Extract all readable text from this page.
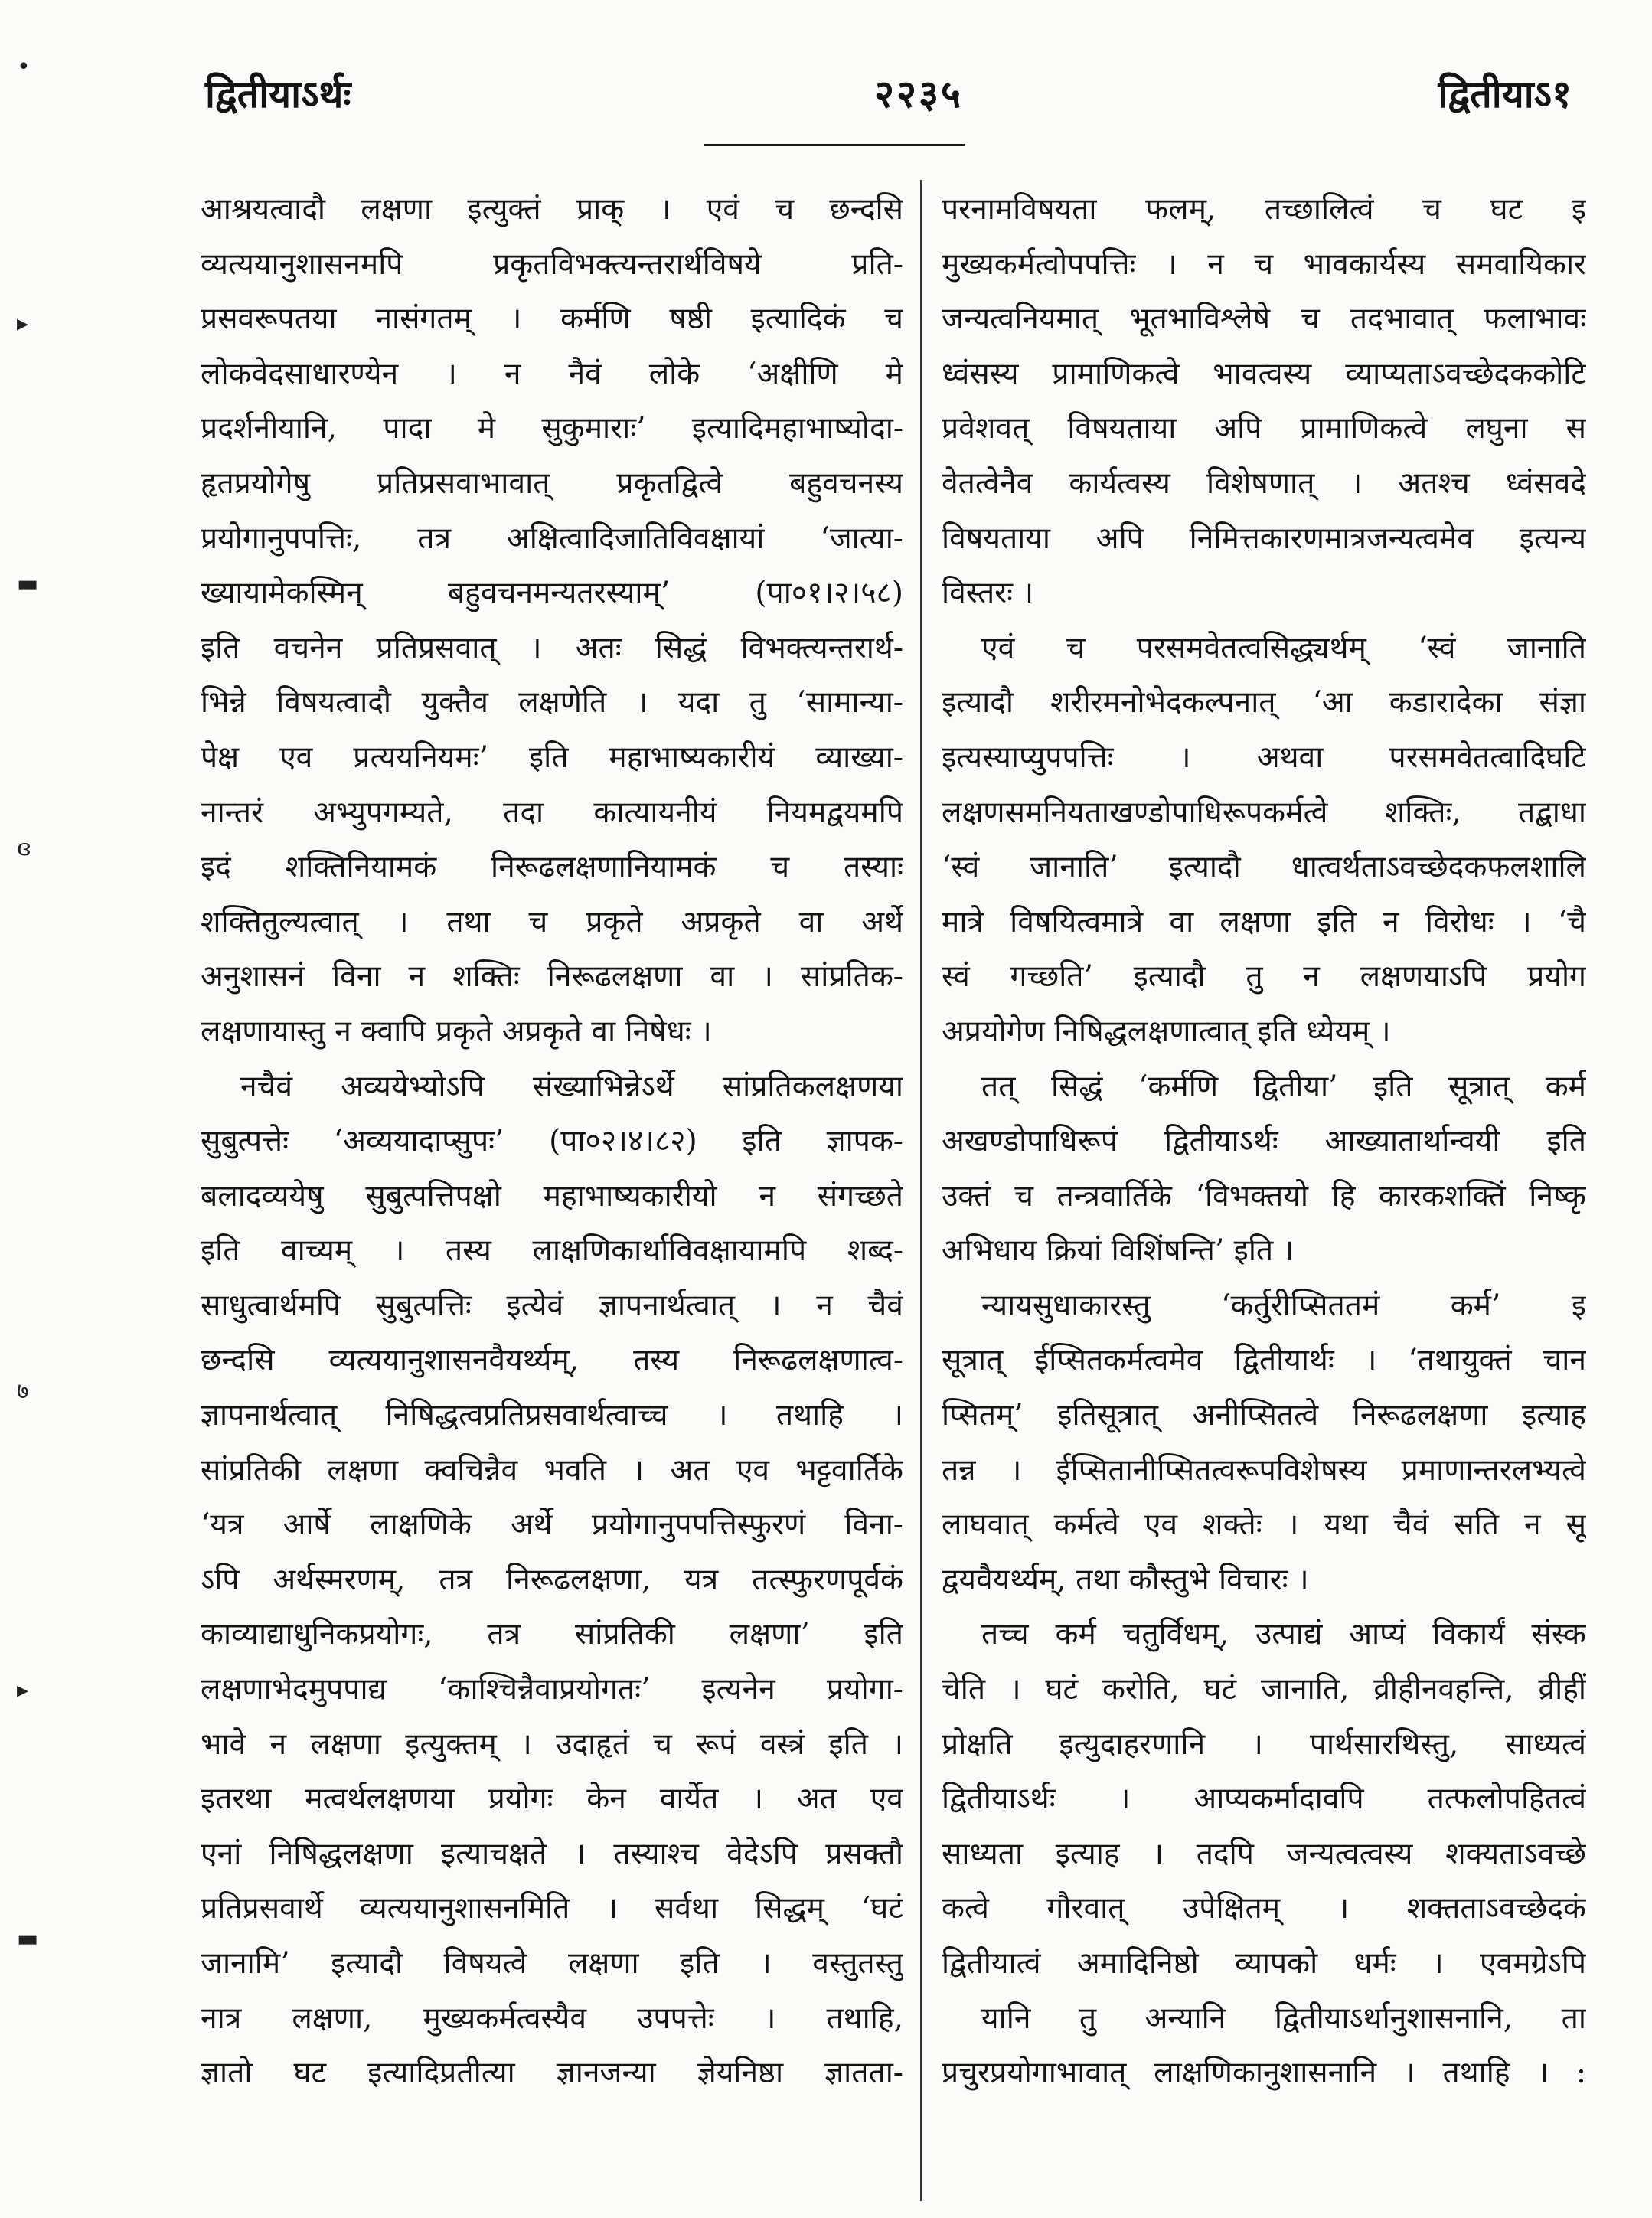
द्वितीयाऽर्थः	२२३५	द्वितीयाऽ१
•
▸
▬
ɞ
७
▸
▬
आश्रयत्वादौ लक्षणा इत्युक्तं प्राक् । एवं च छन्दसि
व्यत्ययानुशासनमपि प्रकृतविभक्त्यन्तरार्थविषये प्रति-
प्रसवरूपतया नासंगतम् । कर्मणि षष्ठी इत्यादिकं च
लोकवेदसाधारण्येन । न नैवं लोके ‘अक्षीणि मे
प्रदर्शनीयानि, पादा मे सुकुमाराः’ इत्यादिमहाभाष्योदा-
हृतप्रयोगेषु प्रतिप्रसवाभावात् प्रकृतद्वित्वे बहुवचनस्य
प्रयोगानुपपत्तिः, तत्र अक्षित्वादिजातिविवक्षायां ‘जात्या-
ख्यायामेकस्मिन् बहुवचनमन्यतरस्याम्’ (पा०१।२।५८)
इति वचनेन प्रतिप्रसवात् । अतः सिद्धं विभक्त्यन्तरार्थ-
भिन्ने विषयत्वादौ युक्तैव लक्षणेति । यदा तु ‘सामान्या-
पेक्ष एव प्रत्ययनियमः’ इति महाभाष्यकारीयं व्याख्या-
नान्तरं अभ्युपगम्यते, तदा कात्यायनीयं नियमद्वयमपि
इदं शक्तिनियामकं निरूढलक्षणानियामकं च तस्याः
शक्तितुल्यत्वात् । तथा च प्रकृते अप्रकृते वा अर्थे
अनुशासनं विना न शक्तिः निरूढलक्षणा वा । सांप्रतिक-
लक्षणायास्तु न क्वापि प्रकृते अप्रकृते वा निषेधः ।
नचैवं अव्ययेभ्योऽपि संख्याभिन्नेऽर्थे सांप्रतिकलक्षणया
सुबुत्पत्तेः ‘अव्ययादाप्सुपः’ (पा०२।४।८२) इति ज्ञापक-
बलादव्ययेषु सुबुत्पत्तिपक्षो महाभाष्यकारीयो न संगच्छते
इति वाच्यम् । तस्य लाक्षणिकार्थाविवक्षायामपि शब्द-
साधुत्वार्थमपि सुबुत्पत्तिः इत्येवं ज्ञापनार्थत्वात् । न चैवं
छन्दसि व्यत्ययानुशासनवैयर्थ्यम्, तस्य निरूढलक्षणात्व-
ज्ञापनार्थत्वात् निषिद्धत्वप्रतिप्रसवार्थत्वाच्च । तथाहि ।
सांप्रतिकी लक्षणा क्वचिन्नैव भवति । अत एव भट्टवार्तिके
‘यत्र आर्षे लाक्षणिके अर्थे प्रयोगानुपपत्तिस्फुरणं विना-
ऽपि अर्थस्मरणम्, तत्र निरूढलक्षणा, यत्र तत्स्फुरणपूर्वकं
काव्याद्याधुनिकप्रयोगः, तत्र सांप्रतिकी लक्षणा’ इति
लक्षणाभेदमुपपाद्य ‘काश्चिन्नैवाप्रयोगतः’ इत्यनेन प्रयोगा-
भावे न लक्षणा इत्युक्तम् । उदाहृतं च रूपं वस्त्रं इति ।
इतरथा मत्वर्थलक्षणया प्रयोगः केन वार्येत । अत एव
एनां निषिद्धलक्षणा इत्याचक्षते । तस्याश्च वेदेऽपि प्रसक्तौ
प्रतिप्रसवार्थे व्यत्ययानुशासनमिति । सर्वथा सिद्धम् ‘घटं
जानामि’ इत्यादौ विषयत्वे लक्षणा इति । वस्तुतस्तु
नात्र लक्षणा, मुख्यकर्मत्वस्यैव उपपत्तेः । तथाहि,
ज्ञातो घट इत्यादिप्रतीत्या ज्ञानजन्या ज्ञेयनिष्ठा ज्ञातता-
परनामविषयता फलम्, तच्छालित्वं च घट इ
मुख्यकर्मत्वोपपत्तिः । न च भावकार्यस्य समवायिकार
जन्यत्वनियमात् भूतभाविश्लेषे च तदभावात् फलाभावः
ध्वंसस्य प्रामाणिकत्वे भावत्वस्य व्याप्यताऽवच्छेदककोटि
प्रवेशवत् विषयताया अपि प्रामाणिकत्वे लघुना स
वेतत्वेनैव कार्यत्वस्य विशेषणात् । अतश्च ध्वंसवदे
विषयताया अपि निमित्तकारणमात्रजन्यत्वमेव इत्यन्य
विस्तरः ।
एवं च परसमवेतत्वसिद्ध्यर्थम् ‘स्वं जानाति
इत्यादौ शरीरमनोभेदकल्पनात् ‘आ कडारादेका संज्ञा
इत्यस्याप्युपपत्तिः । अथवा परसमवेतत्वादिघटि
लक्षणसमनियताखण्डोपाधिरूपकर्मत्वे शक्तिः, तद्बाधा
‘स्वं जानाति’ इत्यादौ धात्वर्थताऽवच्छेदकफलशालि
मात्रे विषयित्वमात्रे वा लक्षणा इति न विरोधः । ‘चै
स्वं गच्छति’ इत्यादौ तु न लक्षणयाऽपि प्रयोग
अप्रयोगेण निषिद्धलक्षणात्वात् इति ध्येयम् ।
तत् सिद्धं ‘कर्मणि द्वितीया’ इति सूत्रात् कर्म
अखण्डोपाधिरूपं द्वितीयाऽर्थः आख्यातार्थान्वयी इति
उक्तं च तन्त्रवार्तिके ‘विभक्तयो हि कारकशक्तिं निष्कृ
अभिधाय क्रियां विशिंषन्ति’ इति ।
न्यायसुधाकारस्तु ‘कर्तुरीप्सिततमं कर्म’ इ
सूत्रात् ईप्सितकर्मत्वमेव द्वितीयार्थः । ‘तथायुक्तं चान
प्सितम्’ इतिसूत्रात् अनीप्सितत्वे निरूढलक्षणा इत्याह
तन्न । ईप्सितानीप्सितत्वरूपविशेषस्य प्रमाणान्तरलभ्यत्वे
लाघवात् कर्मत्वे एव शक्तेः । यथा चैवं सति न सू
द्वयवैयर्थ्यम्, तथा कौस्तुभे विचारः ।
तच्च कर्म चतुर्विधम्, उत्पाद्यं आप्यं विकार्यं संस्क
चेति । घटं करोति, घटं जानाति, व्रीहीनवहन्ति, व्रीहीं
प्रोक्षति इत्युदाहरणानि । पार्थसारथिस्तु, साध्यत्वं
द्वितीयाऽर्थः । आप्यकर्मादावपि तत्फलोपहितत्वं
साध्यता इत्याह । तदपि जन्यत्वत्वस्य शक्यताऽवच्छे
कत्वे गौरवात् उपेक्षितम् । शक्तताऽवच्छेदकं
द्वितीयात्वं अमादिनिष्ठो व्यापको धर्मः । एवमग्रेऽपि
यानि तु अन्यानि द्वितीयाऽर्थानुशासनानि, ता
प्रचुरप्रयोगाभावात् लाक्षणिकानुशासनानि । तथाहि । :
